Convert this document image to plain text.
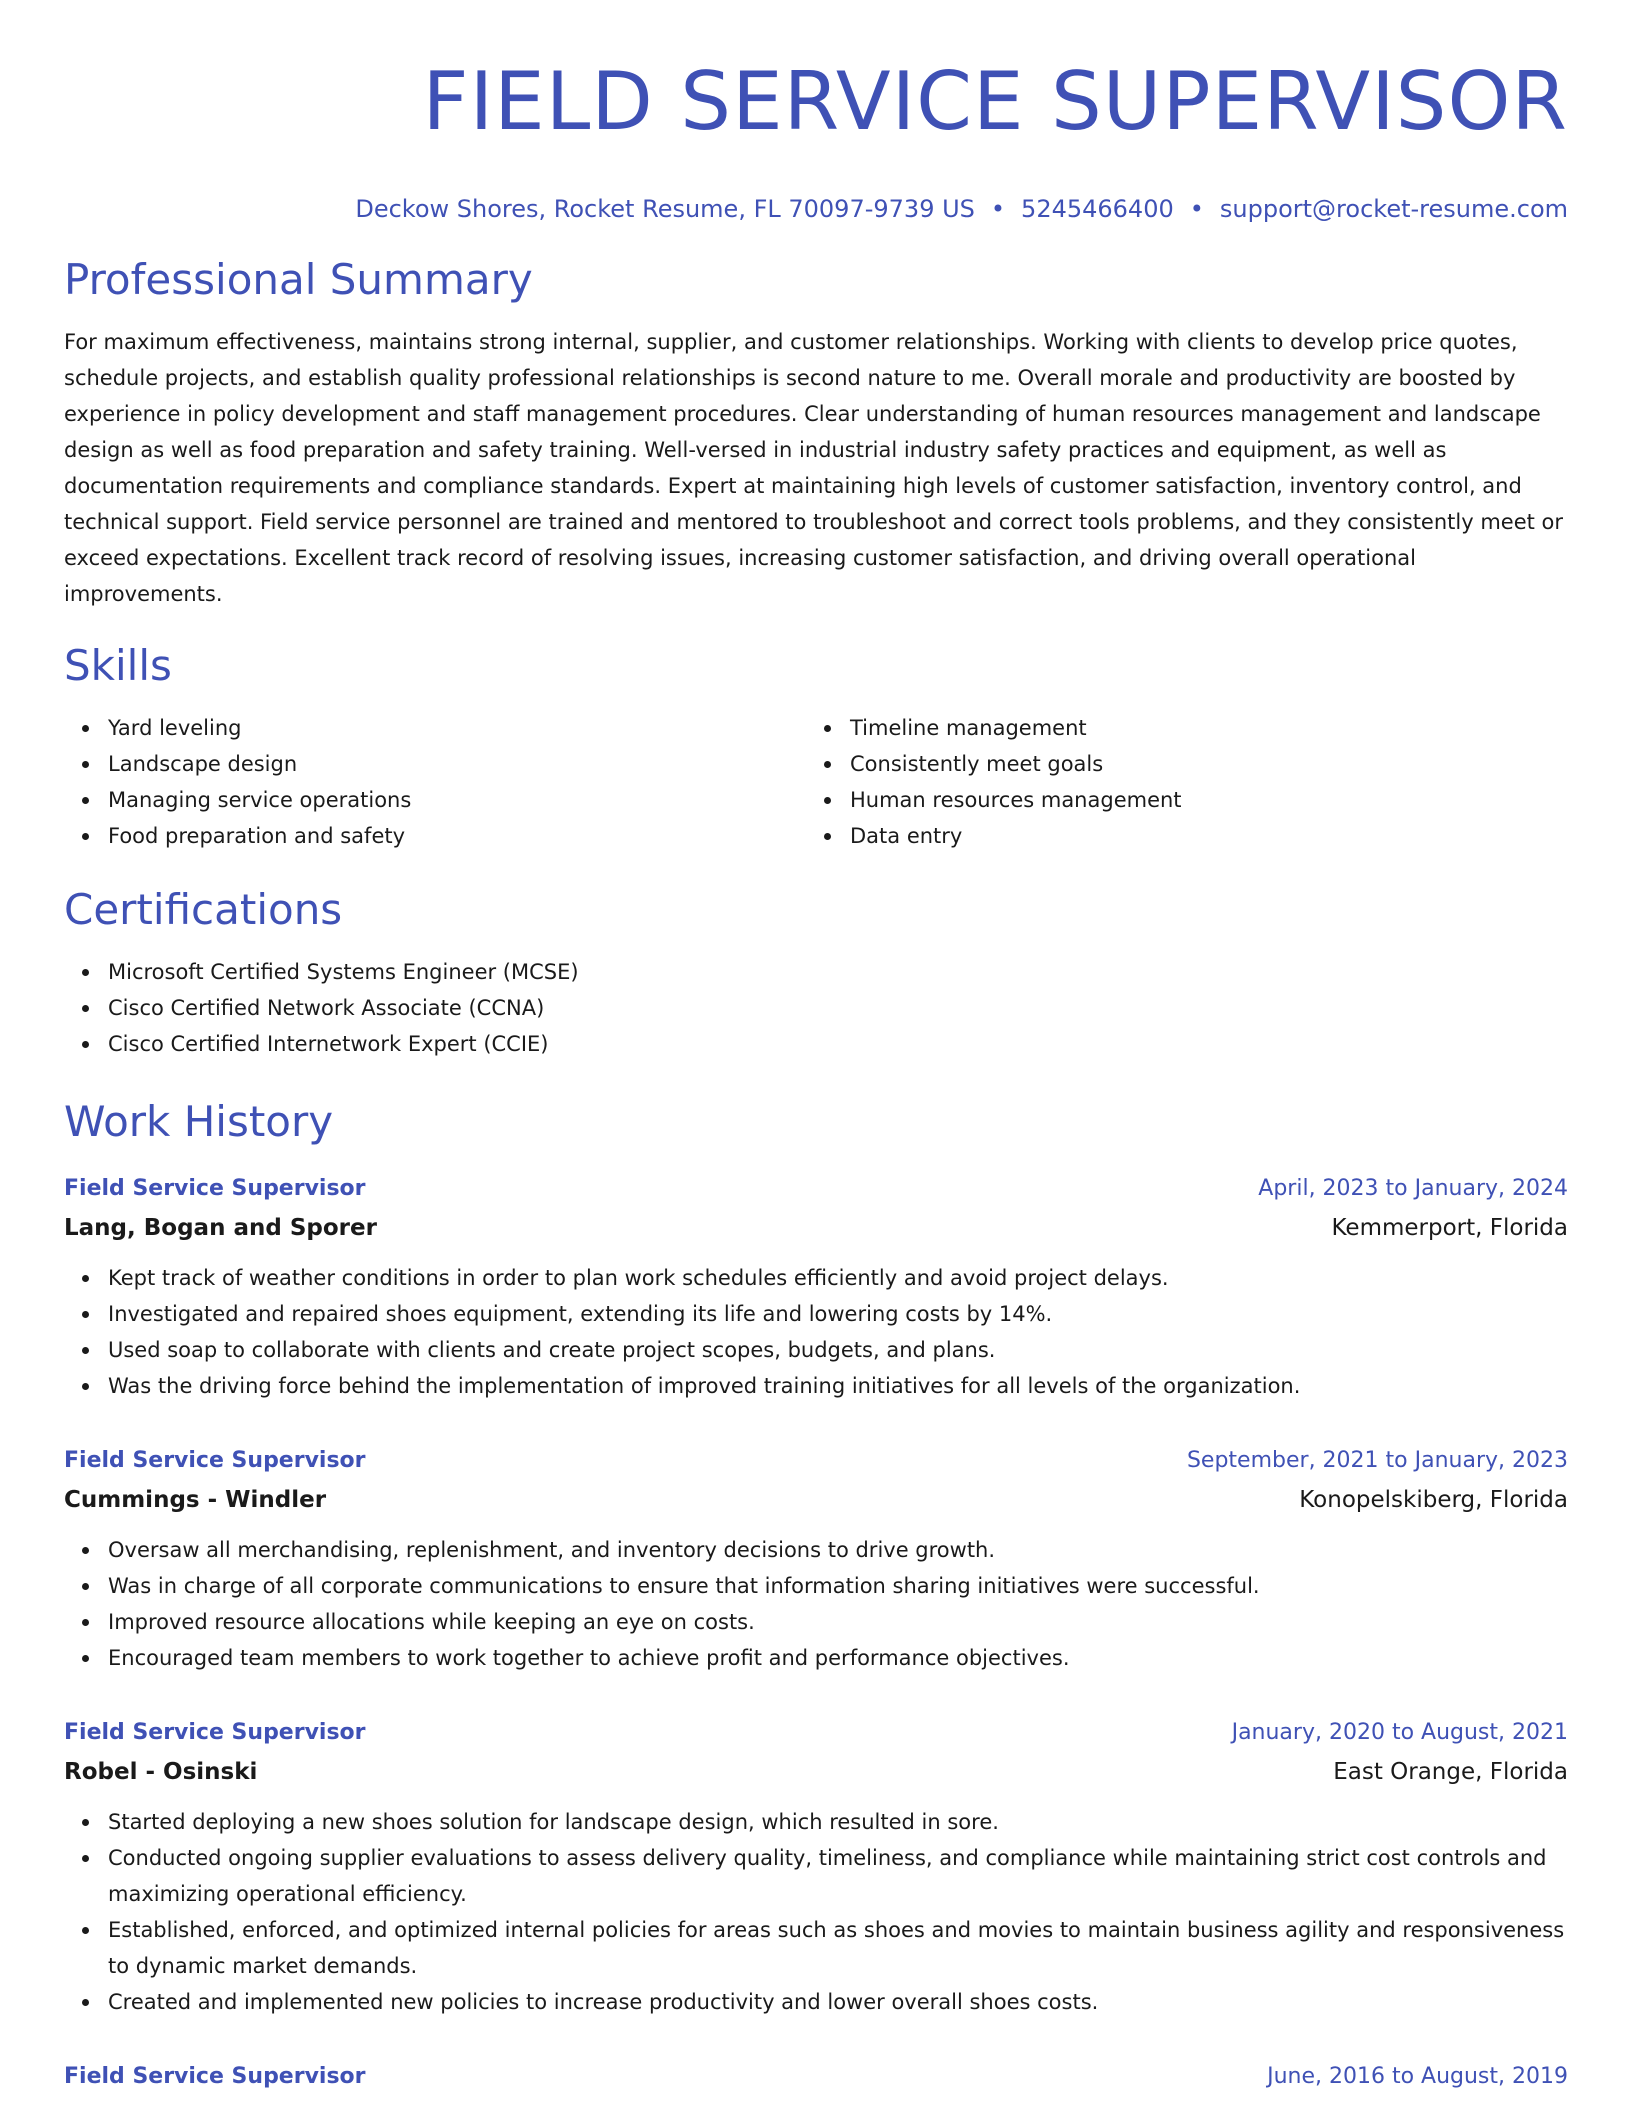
FIELD SERVICE SUPERVISOR
Deckow Shores, Rocket Resume, FL 70097-9739 US • 5245466400 • support@rocket-resume.com
Professional Summary

For maximum effectiveness, maintains strong internal, supplier, and customer relationships. Working with clients to develop price quotes, schedule projects, and establish quality professional relationships is second nature to me. Overall morale and productivity are boosted by experience in policy development and staff management procedures. Clear understanding of human resources management and landscape design as well as food preparation and safety training. Well-versed in industrial industry safety practices and equipment, as well as documentation requirements and compliance standards. Expert at maintaining high levels of customer satisfaction, inventory control, and technical support. Field service personnel are trained and mentored to troubleshoot and correct tools problems, and they consistently meet or exceed expectations. Excellent track record of resolving issues, increasing customer satisfaction, and driving overall operational improvements.

Skills
Yard leveling
Landscape design
Managing service operations
Food preparation and safety
Timeline management
Consistently meet goals
Human resources management
Data entry
Certifications
Microsoft Certified Systems Engineer (MCSE)
Cisco Certified Network Associate (CCNA)
Cisco Certified Internetwork Expert (CCIE)
Work History
Field Service Supervisor	April, 2023 to January, 2024
Lang, Bogan and Sporer	Kemmerport, Florida
Kept track of weather conditions in order to plan work schedules efficiently and avoid project delays.
Investigated and repaired shoes equipment, extending its life and lowering costs by 14%.
Used soap to collaborate with clients and create project scopes, budgets, and plans.
Was the driving force behind the implementation of improved training initiatives for all levels of the organization.
Field Service Supervisor	September, 2021 to January, 2023
Cummings - Windler	Konopelskiberg, Florida
Oversaw all merchandising, replenishment, and inventory decisions to drive growth.
Was in charge of all corporate communications to ensure that information sharing initiatives were successful.
Improved resource allocations while keeping an eye on costs.
Encouraged team members to work together to achieve profit and performance objectives.
Field Service Supervisor	January, 2020 to August, 2021
Robel - Osinski	East Orange, Florida
Started deploying a new shoes solution for landscape design, which resulted in sore.
Conducted ongoing supplier evaluations to assess delivery quality, timeliness, and compliance while maintaining strict cost controls and maximizing operational efficiency.
Established, enforced, and optimized internal policies for areas such as shoes and movies to maintain business agility and responsiveness to dynamic market demands.
Created and implemented new policies to increase productivity and lower overall shoes costs.
Field Service Supervisor	June, 2016 to August, 2019
